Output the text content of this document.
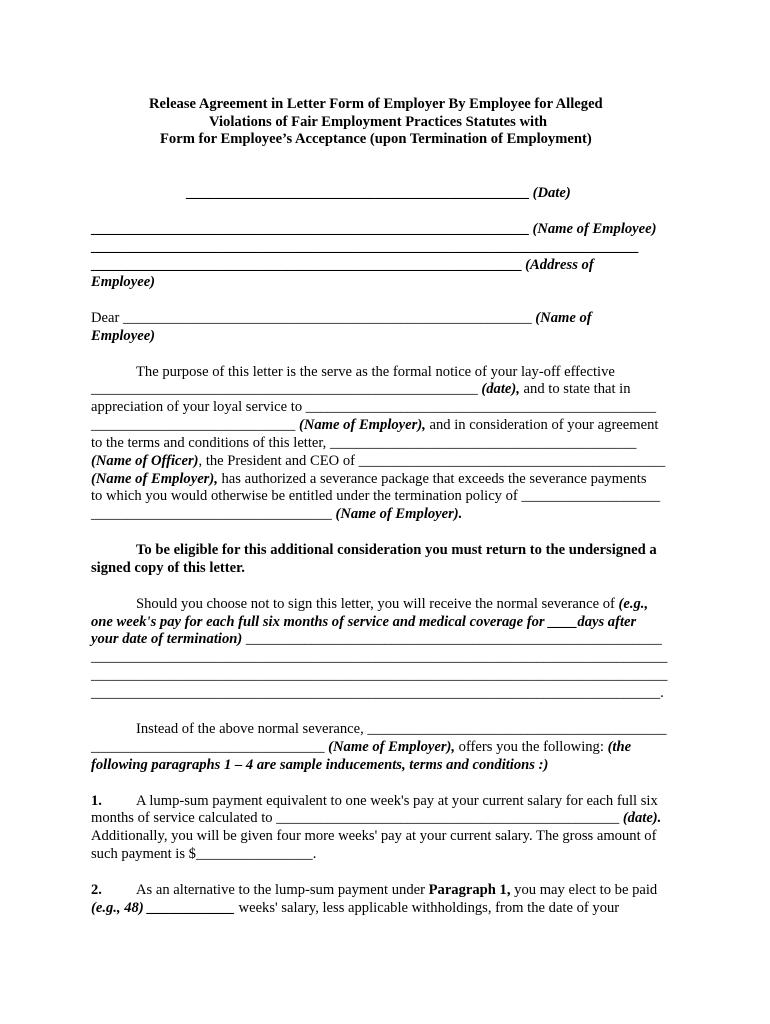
Release Agreement in Letter Form of Employer By Employee for Alleged
Violations of Fair Employment Practices Statutes with
Form for Employee’s Acceptance (upon Termination of Employment)
_______________________________________________ (Date)
____________________________________________________________ (Name of Employee)
___________________________________________________________________________
___________________________________________________________ (Address of
Employee)
Dear ________________________________________________________ (Name of
Employee)
The purpose of this letter is the serve as the formal notice of your lay-off effective
_____________________________________________________ (date), and to state that in
appreciation of your loyal service to ________________________________________________
____________________________ (Name of Employer), and in consideration of your agreement
to the terms and conditions of this letter, __________________________________________
(Name of Officer), the President and CEO of __________________________________________
(Name of Employer), has authorized a severance package that exceeds the severance payments
to which you would otherwise be entitled under the termination policy of ___________________
_________________________________ (Name of Employer).
To be eligible for this additional consideration you must return to the undersigned a
signed copy of this letter.
Should you choose not to sign this letter, you will receive the normal severance of (e.g.,
one week's pay for each full six months of service and medical coverage for ____days after
your date of termination) _________________________________________________________
_______________________________________________________________________________
_______________________________________________________________________________
______________________________________________________________________________.
Instead of the above normal severance, _________________________________________
________________________________ (Name of Employer), offers you the following: (the
following paragraphs 1 – 4 are sample inducements, terms and conditions :)
1. A lump-sum payment equivalent to one week's pay at your current salary for each full six
months of service calculated to _______________________________________________ (date).
Additionally, you will be given four more weeks' pay at your current salary. The gross amount of
such payment is $________________.
2. As an alternative to the lump-sum payment under Paragraph 1, you may elect to be paid
(e.g., 48) ____________ weeks' salary, less applicable withholdings, from the date of your
